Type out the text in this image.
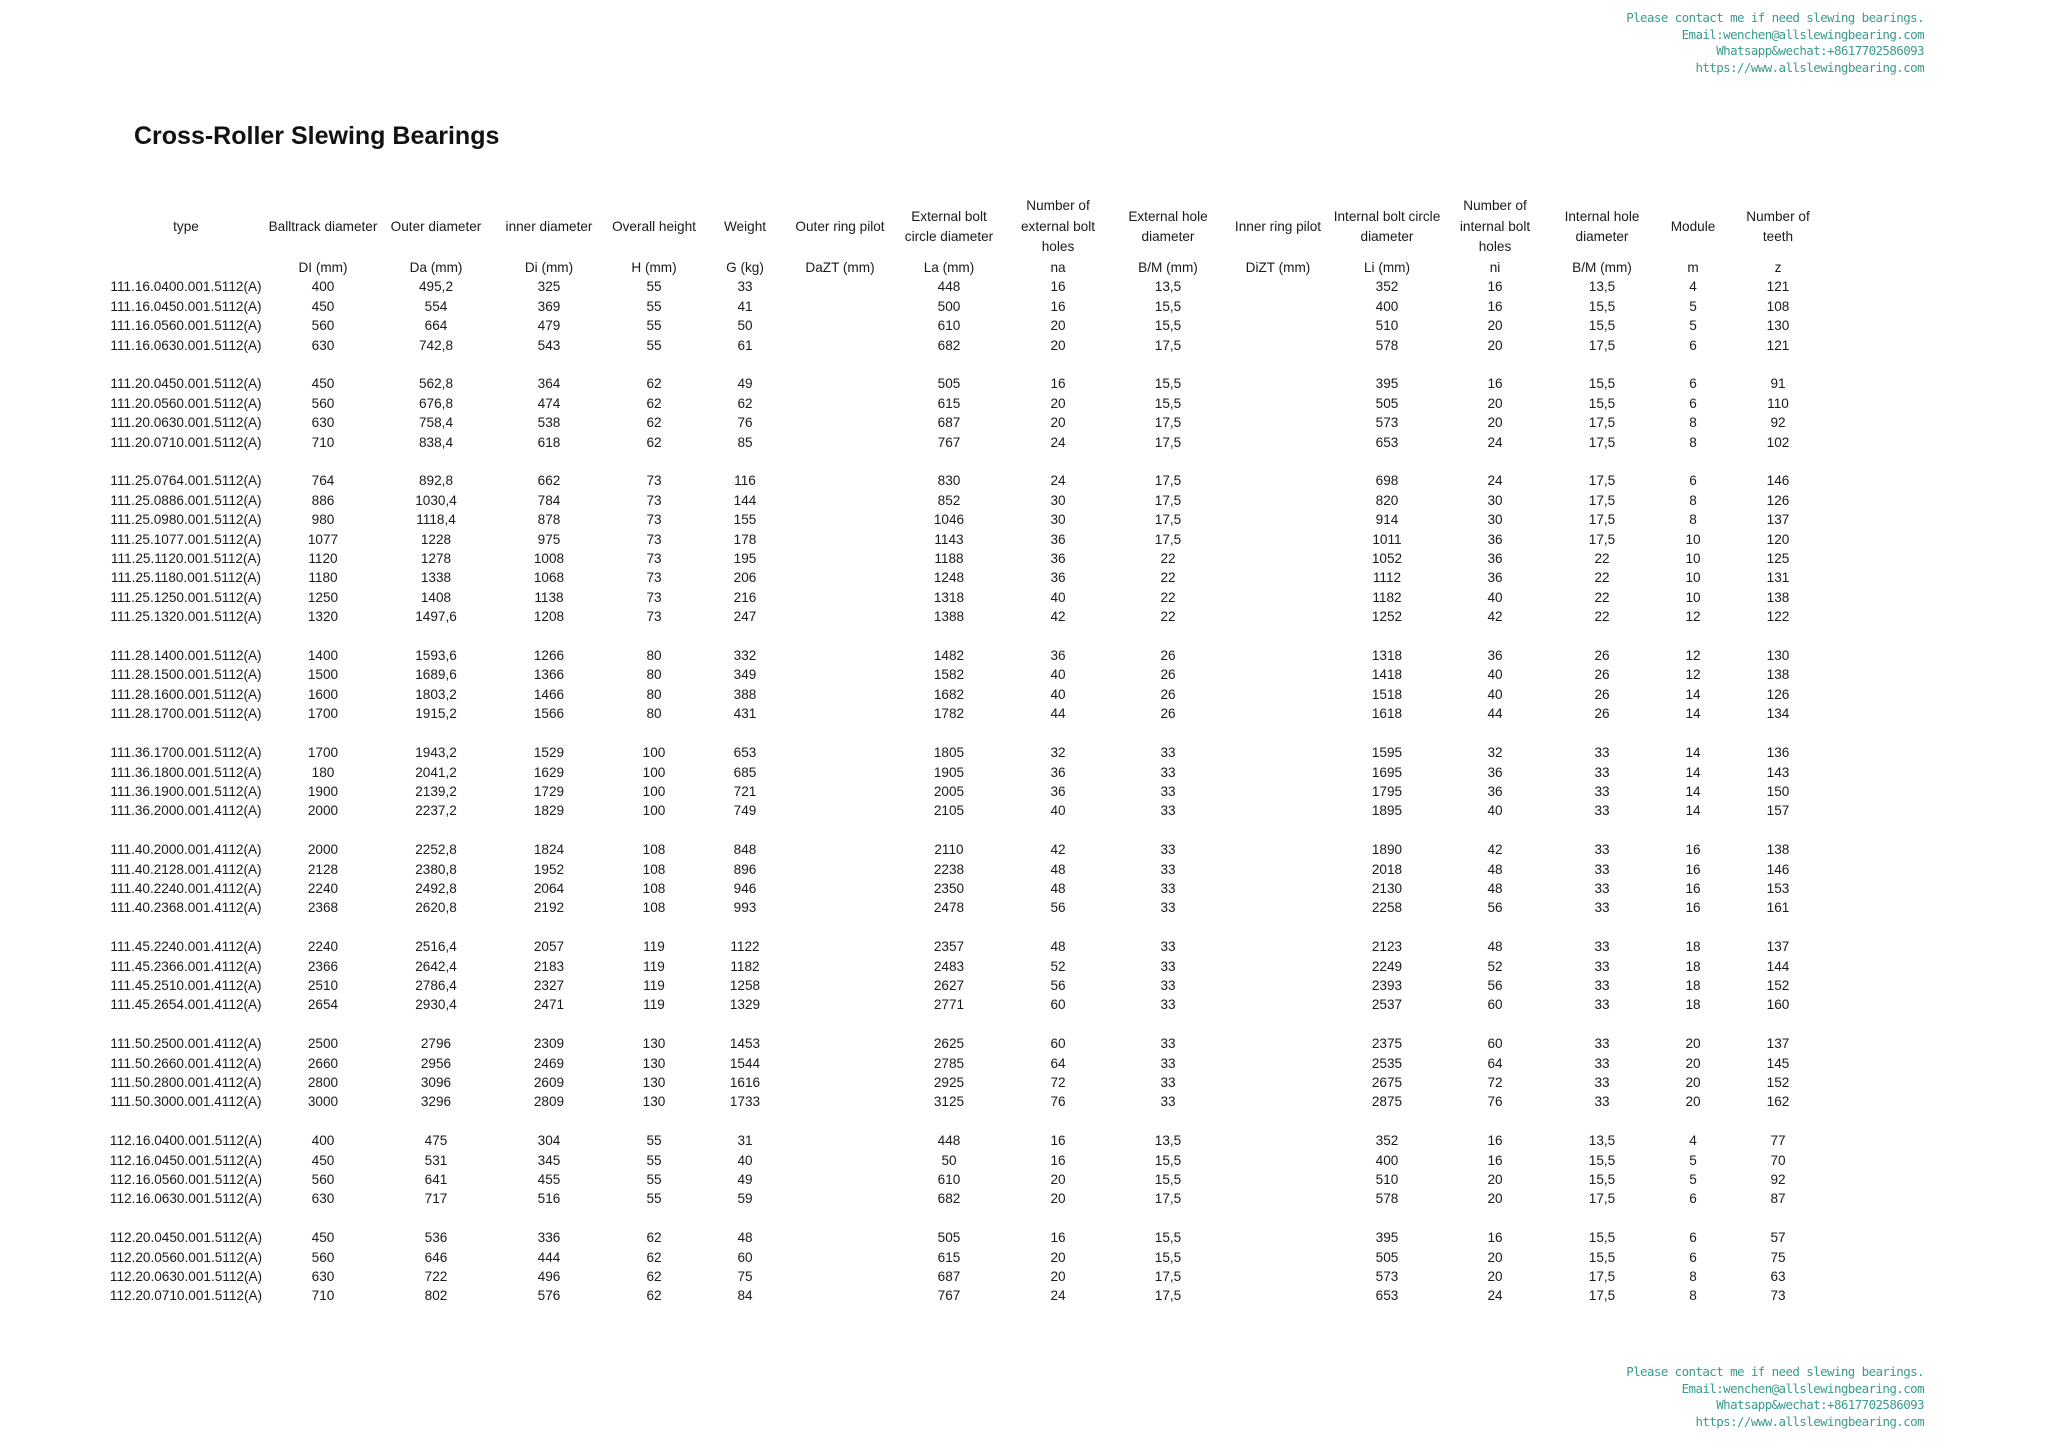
Please contact me if need slewing bearings.
Email:wenchen@allslewingbearing.com
Whatsapp&wechat:+8617702586093
https://www.allslewingbearing.com
Cross-Roller Slewing Bearings
type	Balltrack diameter	Outer diameter	inner diameter	Overall height	Weight	Outer ring pilot	External bolt circle diameter	Number of external bolt holes	External hole diameter	Inner ring pilot	Internal bolt circle diameter	Number of internal bolt holes	Internal hole diameter	Module	Number of teeth
	DI (mm)	Da (mm)	Di (mm)	H (mm)	G (kg)	DaZT (mm)	La (mm)	na	B/M (mm)	DiZT (mm)	Li (mm)	ni	B/M (mm)	m	z
111.16.0400.001.5112(A)	400	495,2	325	55	33		448	16	13,5		352	16	13,5	4	121
111.16.0450.001.5112(A)	450	554	369	55	41		500	16	15,5		400	16	15,5	5	108
111.16.0560.001.5112(A)	560	664	479	55	50		610	20	15,5		510	20	15,5	5	130
111.16.0630.001.5112(A)	630	742,8	543	55	61		682	20	17,5		578	20	17,5	6	121

111.20.0450.001.5112(A)	450	562,8	364	62	49		505	16	15,5		395	16	15,5	6	91
111.20.0560.001.5112(A)	560	676,8	474	62	62		615	20	15,5		505	20	15,5	6	110
111.20.0630.001.5112(A)	630	758,4	538	62	76		687	20	17,5		573	20	17,5	8	92
111.20.0710.001.5112(A)	710	838,4	618	62	85		767	24	17,5		653	24	17,5	8	102

111.25.0764.001.5112(A)	764	892,8	662	73	116		830	24	17,5		698	24	17,5	6	146
111.25.0886.001.5112(A)	886	1030,4	784	73	144		852	30	17,5		820	30	17,5	8	126
111.25.0980.001.5112(A)	980	1118,4	878	73	155		1046	30	17,5		914	30	17,5	8	137
111.25.1077.001.5112(A)	1077	1228	975	73	178		1143	36	17,5		1011	36	17,5	10	120
111.25.1120.001.5112(A)	1120	1278	1008	73	195		1188	36	22		1052	36	22	10	125
111.25.1180.001.5112(A)	1180	1338	1068	73	206		1248	36	22		1112	36	22	10	131
111.25.1250.001.5112(A)	1250	1408	1138	73	216		1318	40	22		1182	40	22	10	138
111.25.1320.001.5112(A)	1320	1497,6	1208	73	247		1388	42	22		1252	42	22	12	122

111.28.1400.001.5112(A)	1400	1593,6	1266	80	332		1482	36	26		1318	36	26	12	130
111.28.1500.001.5112(A)	1500	1689,6	1366	80	349		1582	40	26		1418	40	26	12	138
111.28.1600.001.5112(A)	1600	1803,2	1466	80	388		1682	40	26		1518	40	26	14	126
111.28.1700.001.5112(A)	1700	1915,2	1566	80	431		1782	44	26		1618	44	26	14	134

111.36.1700.001.5112(A)	1700	1943,2	1529	100	653		1805	32	33		1595	32	33	14	136
111.36.1800.001.5112(A)	180	2041,2	1629	100	685		1905	36	33		1695	36	33	14	143
111.36.1900.001.5112(A)	1900	2139,2	1729	100	721		2005	36	33		1795	36	33	14	150
111.36.2000.001.4112(A)	2000	2237,2	1829	100	749		2105	40	33		1895	40	33	14	157

111.40.2000.001.4112(A)	2000	2252,8	1824	108	848		2110	42	33		1890	42	33	16	138
111.40.2128.001.4112(A)	2128	2380,8	1952	108	896		2238	48	33		2018	48	33	16	146
111.40.2240.001.4112(A)	2240	2492,8	2064	108	946		2350	48	33		2130	48	33	16	153
111.40.2368.001.4112(A)	2368	2620,8	2192	108	993		2478	56	33		2258	56	33	16	161

111.45.2240.001.4112(A)	2240	2516,4	2057	119	1122		2357	48	33		2123	48	33	18	137
111.45.2366.001.4112(A)	2366	2642,4	2183	119	1182		2483	52	33		2249	52	33	18	144
111.45.2510.001.4112(A)	2510	2786,4	2327	119	1258		2627	56	33		2393	56	33	18	152
111.45.2654.001.4112(A)	2654	2930,4	2471	119	1329		2771	60	33		2537	60	33	18	160

111.50.2500.001.4112(A)	2500	2796	2309	130	1453		2625	60	33		2375	60	33	20	137
111.50.2660.001.4112(A)	2660	2956	2469	130	1544		2785	64	33		2535	64	33	20	145
111.50.2800.001.4112(A)	2800	3096	2609	130	1616		2925	72	33		2675	72	33	20	152
111.50.3000.001.4112(A)	3000	3296	2809	130	1733		3125	76	33		2875	76	33	20	162

112.16.0400.001.5112(A)	400	475	304	55	31		448	16	13,5		352	16	13,5	4	77
112.16.0450.001.5112(A)	450	531	345	55	40		50	16	15,5		400	16	15,5	5	70
112.16.0560.001.5112(A)	560	641	455	55	49		610	20	15,5		510	20	15,5	5	92
112.16.0630.001.5112(A)	630	717	516	55	59		682	20	17,5		578	20	17,5	6	87

112.20.0450.001.5112(A)	450	536	336	62	48		505	16	15,5		395	16	15,5	6	57
112.20.0560.001.5112(A)	560	646	444	62	60		615	20	15,5		505	20	15,5	6	75
112.20.0630.001.5112(A)	630	722	496	62	75		687	20	17,5		573	20	17,5	8	63
112.20.0710.001.5112(A)	710	802	576	62	84		767	24	17,5		653	24	17,5	8	73
Please contact me if need slewing bearings.
Email:wenchen@allslewingbearing.com
Whatsapp&wechat:+8617702586093
https://www.allslewingbearing.com
